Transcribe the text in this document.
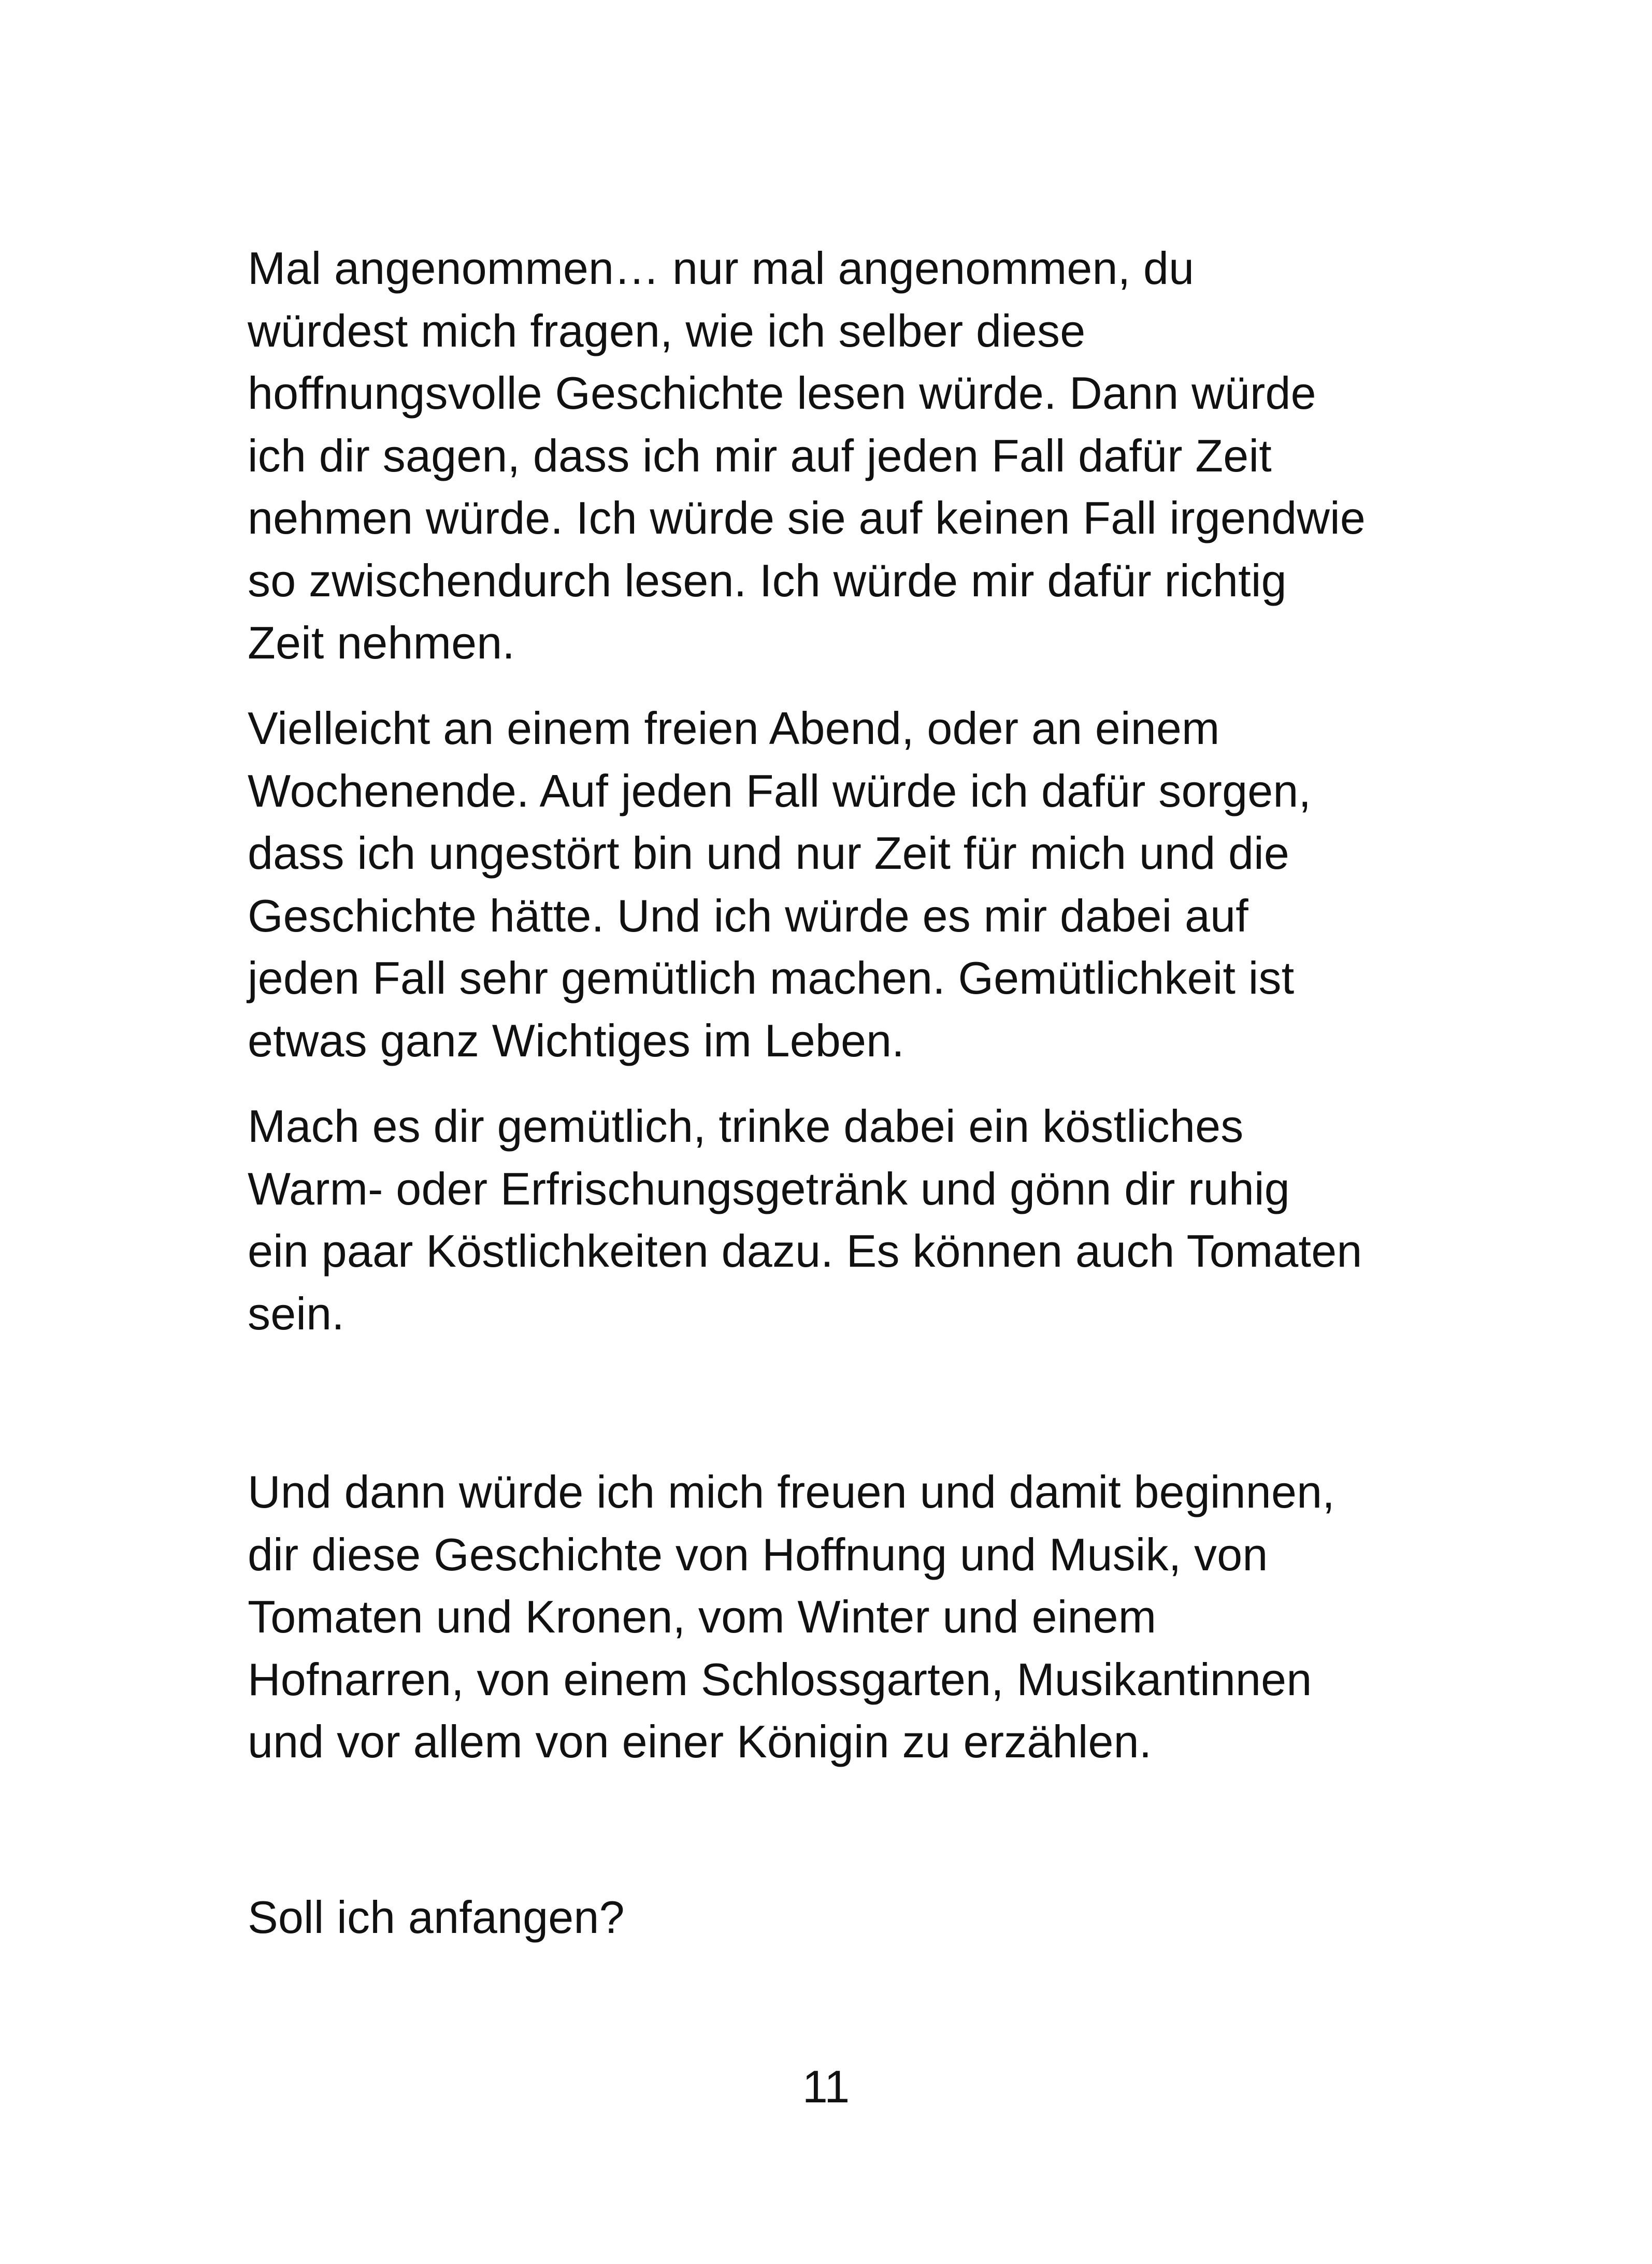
Mal angenommen… nur mal angenommen, du
würdest mich fragen, wie ich selber diese
hoffnungsvolle Geschichte lesen würde. Dann würde
ich dir sagen, dass ich mir auf jeden Fall dafür Zeit
nehmen würde. Ich würde sie auf keinen Fall irgendwie
so zwischendurch lesen. Ich würde mir dafür richtig
Zeit nehmen.

Vielleicht an einem freien Abend, oder an einem
Wochenende. Auf jeden Fall würde ich dafür sorgen,
dass ich ungestört bin und nur Zeit für mich und die
Geschichte hätte. Und ich würde es mir dabei auf
jeden Fall sehr gemütlich machen. Gemütlichkeit ist
etwas ganz Wichtiges im Leben.

Mach es dir gemütlich, trinke dabei ein köstliches
Warm- oder Erfrischungsgetränk und gönn dir ruhig
ein paar Köstlichkeiten dazu. Es können auch Tomaten
sein.

Und dann würde ich mich freuen und damit beginnen,
dir diese Geschichte von Hoffnung und Musik, von
Tomaten und Kronen, vom Winter und einem
Hofnarren, von einem Schlossgarten, Musikantinnen
und vor allem von einer Königin zu erzählen.

Soll ich anfangen?

11
